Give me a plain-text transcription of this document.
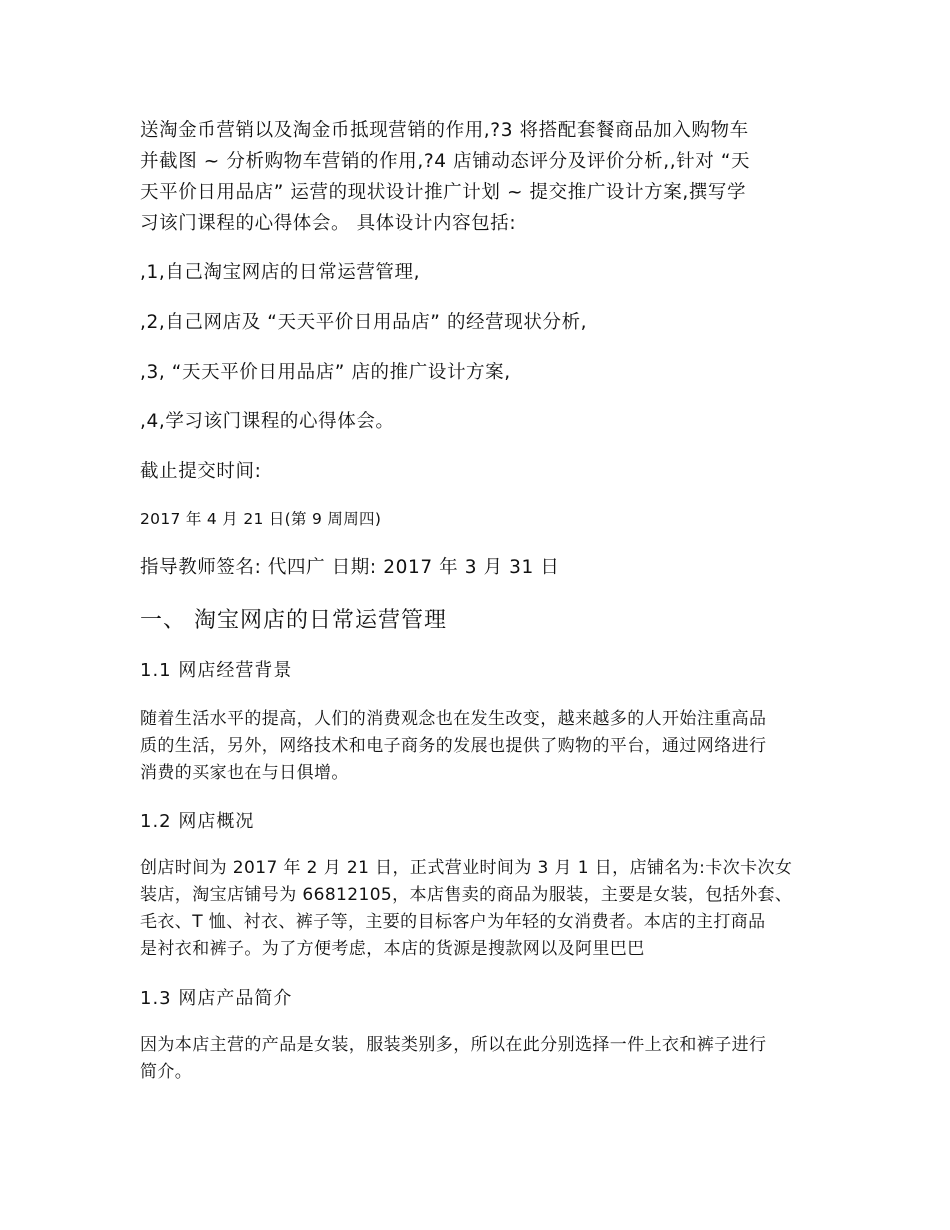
送淘金币营销以及淘金币抵现营销的作用,?3 将搭配套餐商品加入购物车
并截图 ~ 分析购物车营销的作用,?4 店铺动态评分及评价分析,,针对 “天
天平价日用品店” 运营的现状设计推广计划 ~ 提交推广设计方案,撰写学
习该门课程的心得体会。 具体设计内容包括:
,1,自己淘宝网店的日常运营管理,
,2,自己网店及 “天天平价日用品店” 的经营现状分析,
,3, “天天平价日用品店” 店的推广设计方案,
,4,学习该门课程的心得体会。
截止提交时间:
2017 年 4 月 21 日(第 9 周周四)
指导教师签名: 代四广 日期: 2017 年 3 月 31 日
一、 淘宝网店的日常运营管理
1.1 网店经营背景
随着生活水平的提高，人们的消费观念也在发生改变，越来越多的人开始注重高品
质的生活，另外，网络技术和电子商务的发展也提供了购物的平台，通过网络进行
消费的买家也在与日俱增。
1.2 网店概况
创店时间为 2017 年 2 月 21 日，正式营业时间为 3 月 1 日，店铺名为:卡次卡次女
装店，淘宝店铺号为 66812105，本店售卖的商品为服装，主要是女装，包括外套、
毛衣、T 恤、衬衣、裤子等，主要的目标客户为年轻的女消费者。本店的主打商品
是衬衣和裤子。为了方便考虑，本店的货源是搜款网以及阿里巴巴
1.3 网店产品简介
因为本店主营的产品是女装，服装类别多，所以在此分别选择一件上衣和裤子进行
简介。
